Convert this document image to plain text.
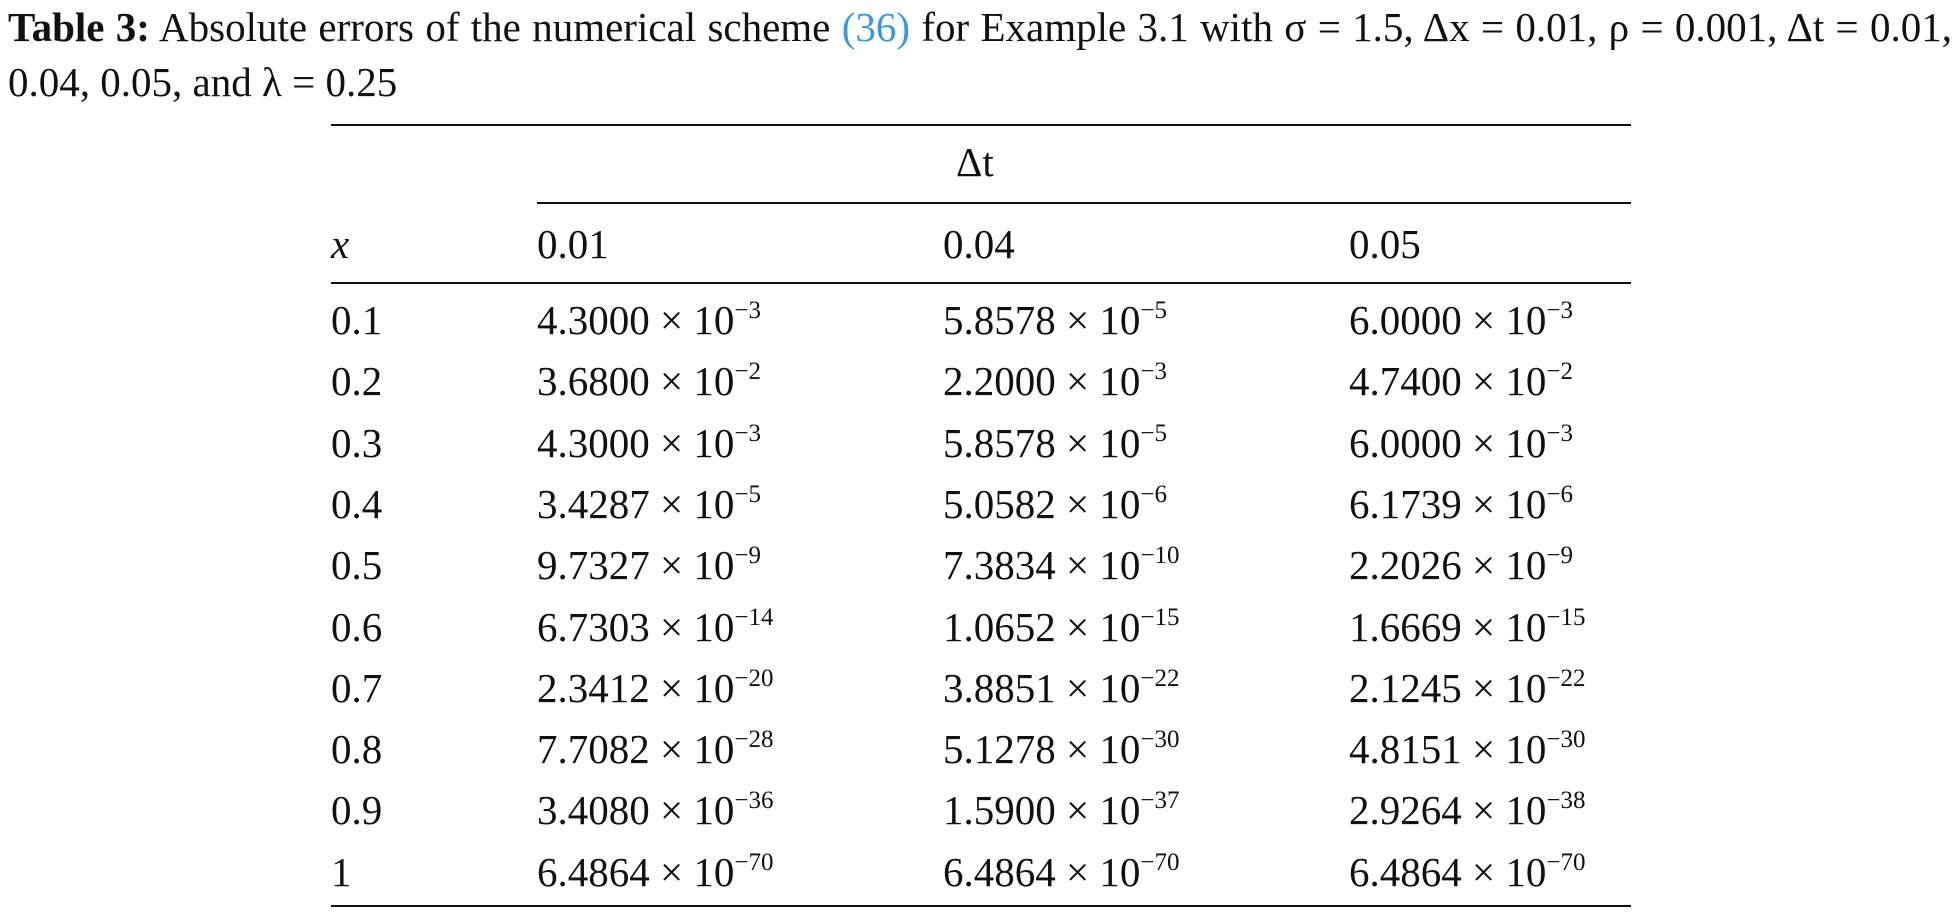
Table 3: Absolute errors of the numerical scheme (36) for Example 3.1 with σ = 1.5, Δx = 0.01, ρ = 0.001, Δt = 0.01, 0.04, 0.05, and λ = 0.25
Δt
x	0.01	0.04	0.05
0.1	$4.3000 \times 10^{-3}$	$5.8578 \times 10^{-5}$	$6.0000 \times 10^{-3}$
0.2	$3.6800 \times 10^{-2}$	$2.2000 \times 10^{-3}$	$4.7400 \times 10^{-2}$
0.3	$4.3000 \times 10^{-3}$	$5.8578 \times 10^{-5}$	$6.0000 \times 10^{-3}$
0.4	$3.4287 \times 10^{-5}$	$5.0582 \times 10^{-6}$	$6.1739 \times 10^{-6}$
0.5	$9.7327 \times 10^{-9}$	$7.3834 \times 10^{-10}$	$2.2026 \times 10^{-9}$
0.6	$6.7303 \times 10^{-14}$	$1.0652 \times 10^{-15}$	$1.6669 \times 10^{-15}$
0.7	$2.3412 \times 10^{-20}$	$3.8851 \times 10^{-22}$	$2.1245 \times 10^{-22}$
0.8	$7.7082 \times 10^{-28}$	$5.1278 \times 10^{-30}$	$4.8151 \times 10^{-30}$
0.9	$3.4080 \times 10^{-36}$	$1.5900 \times 10^{-37}$	$2.9264 \times 10^{-38}$
1	$6.4864 \times 10^{-70}$	$6.4864 \times 10^{-70}$	$6.4864 \times 10^{-70}$
